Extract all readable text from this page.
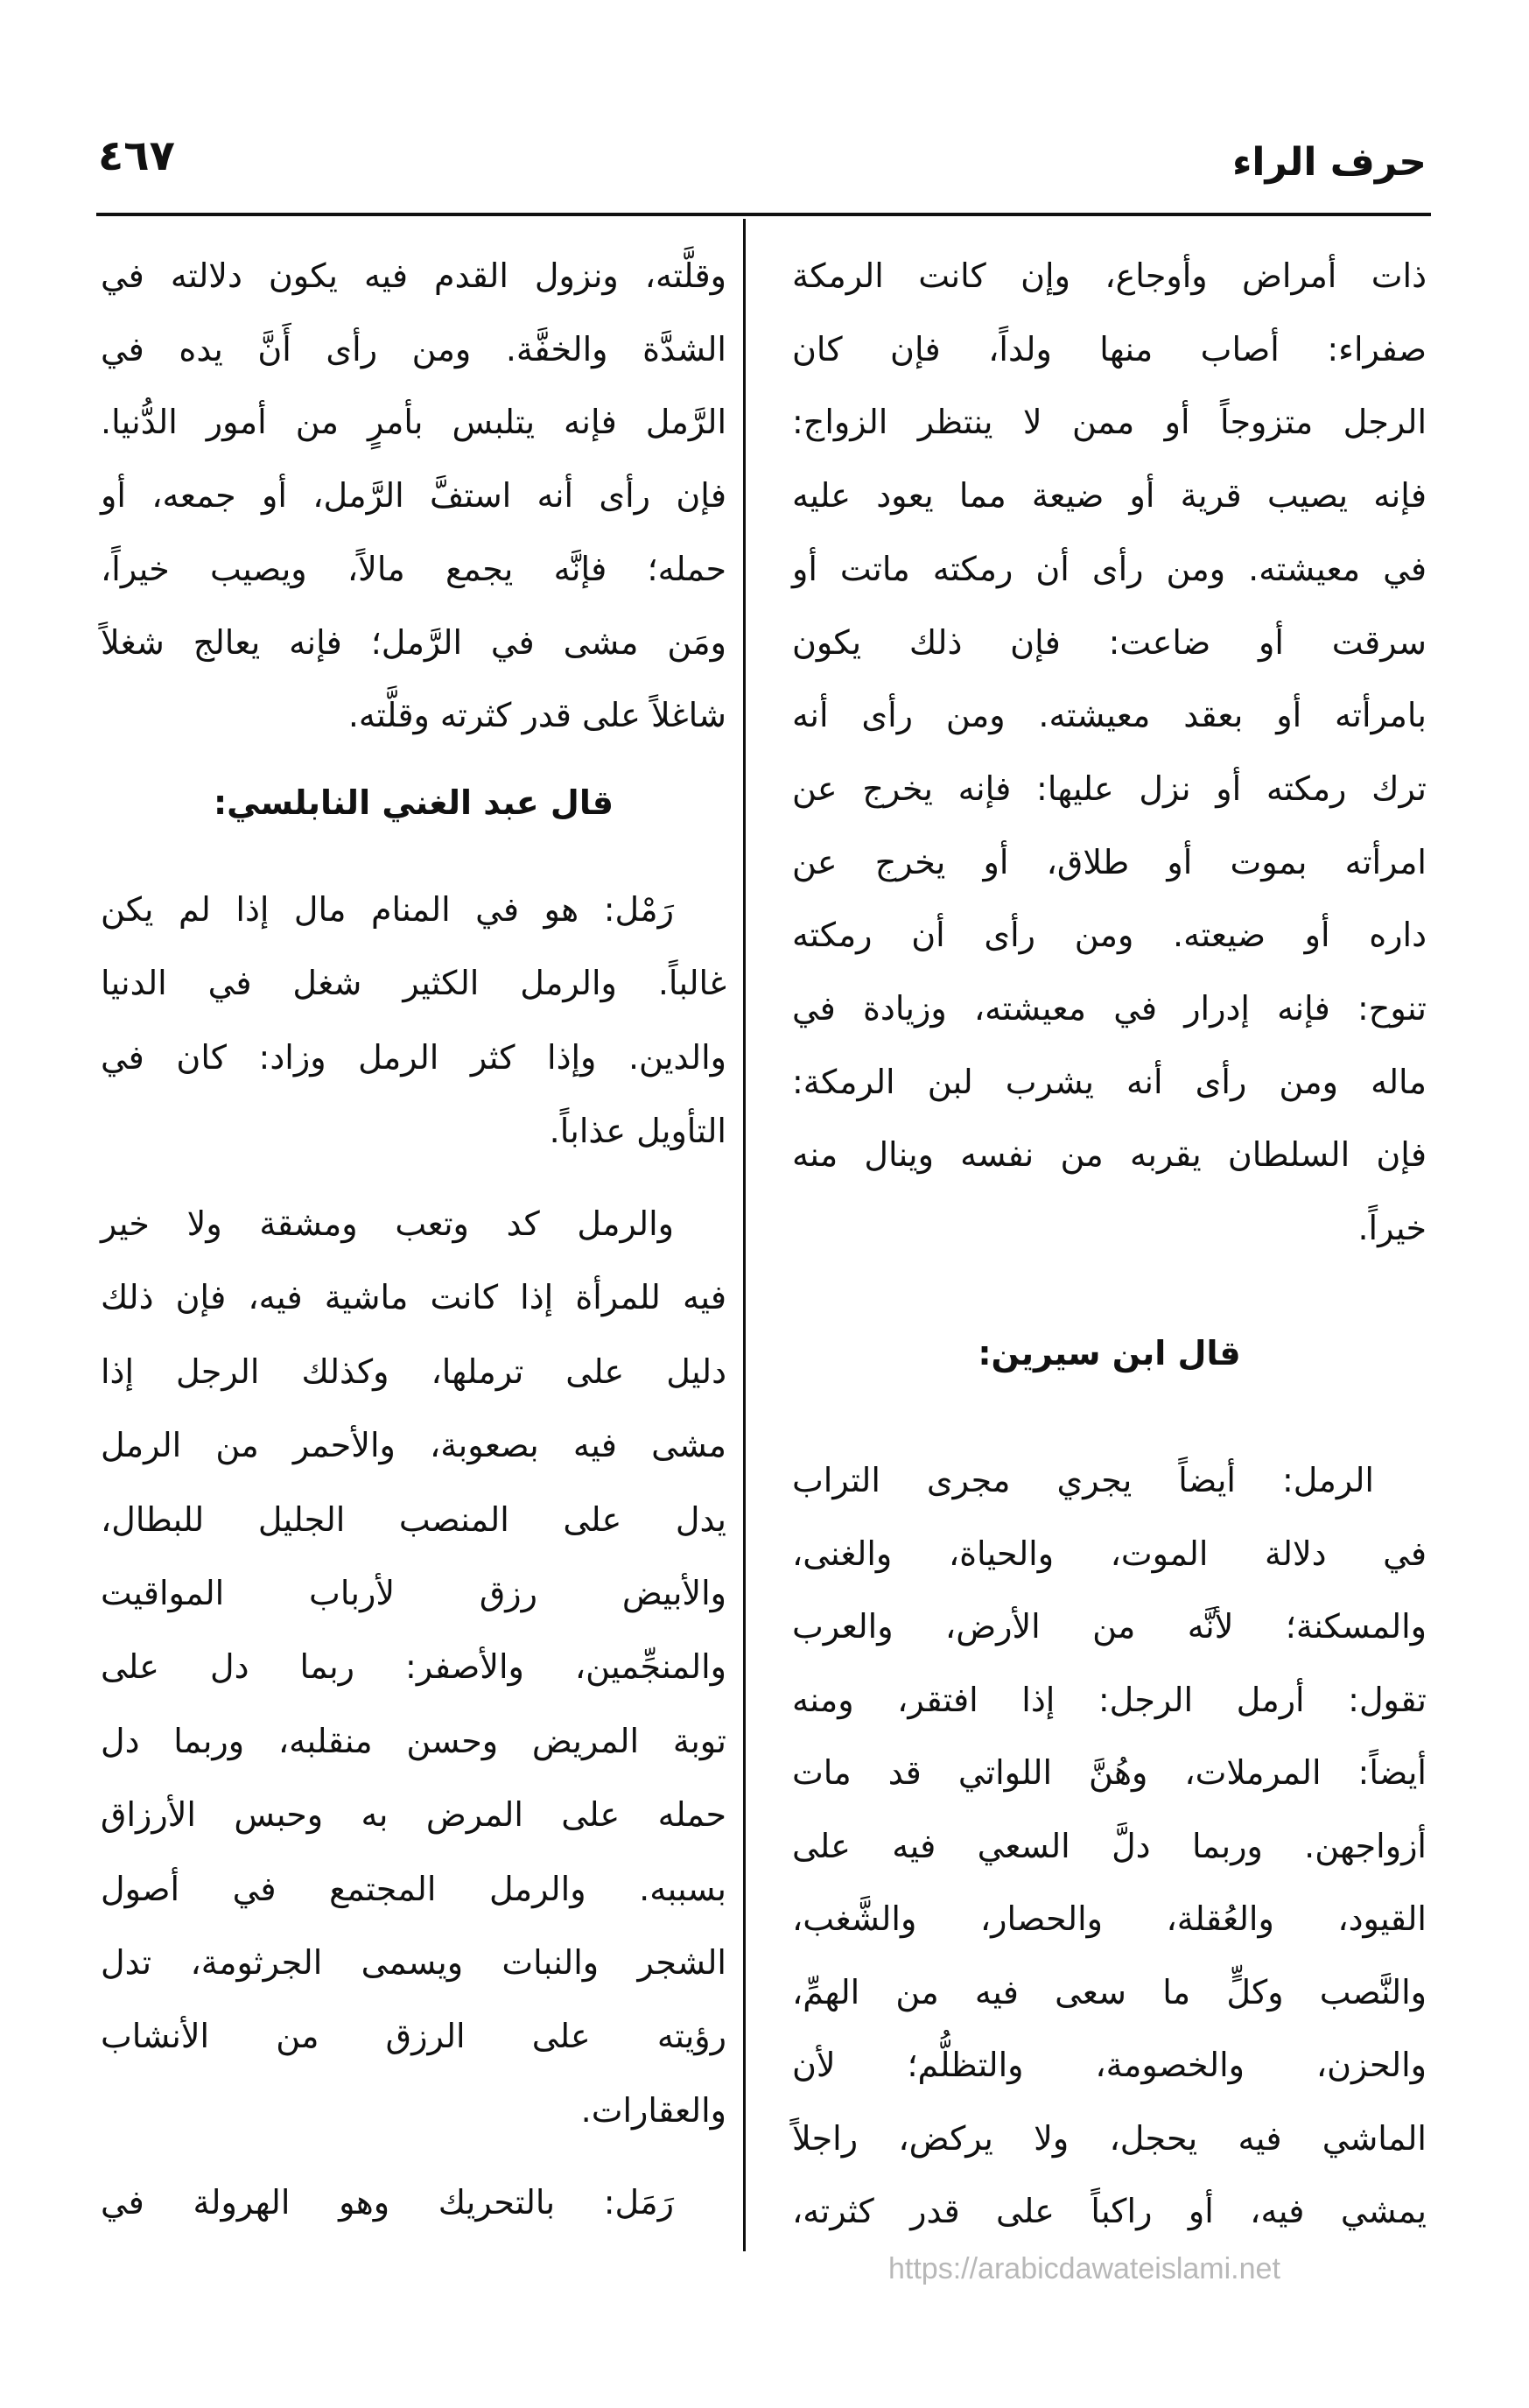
حرف الراء
٤٦٧
ذات أمراض وأوجاع، وإن كانت الرمكة
صفراء: أصاب منها ولداً، فإن كان
الرجل متزوجاً أو ممن لا ينتظر الزواج:
فإنه يصيب قرية أو ضيعة مما يعود عليه
في معيشته. ومن رأى أن رمكته ماتت أو
سرقت أو ضاعت: فإن ذلك يكون
بامرأته أو بعقد معيشته. ومن رأى أنه
ترك رمكته أو نزل عليها: فإنه يخرج عن
امرأته بموت أو طلاق، أو يخرج عن
داره أو ضيعته. ومن رأى أن رمكته
تنوح: فإنه إدرار في معيشته، وزيادة في
ماله ومن رأى أنه يشرب لبن الرمكة:
فإن السلطان يقربه من نفسه وينال منه
خيراً.
قال ابن سيرين:
الرمل: أيضاً يجري مجرى التراب
في دلالة الموت، والحياة، والغنى،
والمسكنة؛ لأنَّه من الأرض، والعرب
تقول: أرمل الرجل: إذا افتقر، ومنه
أيضاً: المرملات، وهُنَّ اللواتي قد مات
أزواجهن. وربما دلَّ السعي فيه على
القيود، والعُقلة، والحصار، والشَّغب،
والنَّصب وكلٍّ ما سعى فيه من الهمِّ،
والحزن، والخصومة، والتظلُّم؛ لأن
الماشي فيه يحجل، ولا يركض، راجلاً
يمشي فيه، أو راكباً على قدر كثرته،
وقلَّته، ونزول القدم فيه يكون دلالته في
الشدَّة والخفَّة. ومن رأى أَنَّ يده في
الرَّمل فإنه يتلبس بأمرٍ من أمور الدُّنيا.
فإن رأى أنه استفَّ الرَّمل، أو جمعه، أو
حمله؛ فإنَّه يجمع مالاً، ويصيب خيراً،
ومَن مشى في الرَّمل؛ فإنه يعالج شغلاً
شاغلاً على قدر كثرته وقلَّته.
قال عبد الغني النابلسي:
رَمْل: هو في المنام مال إذا لم يكن
غالباً. والرمل الكثير شغل في الدنيا
والدين. وإذا كثر الرمل وزاد: كان في
التأويل عذاباً.
والرمل كد وتعب ومشقة ولا خير
فيه للمرأة إذا كانت ماشية فيه، فإن ذلك
دليل على ترملها، وكذلك الرجل إذا
مشى فيه بصعوبة، والأحمر من الرمل
يدل على المنصب الجليل للبطال،
والأبيض رزق لأرباب المواقيت
والمنجِّمين، والأصفر: ربما دل على
توبة المريض وحسن منقلبه، وربما دل
حمله على المرض به وحبس الأرزاق
بسببه. والرمل المجتمع في أصول
الشجر والنبات ويسمى الجرثومة، تدل
رؤيته على الرزق من الأنشاب
والعقارات.
رَمَل: بالتحريك وهو الهرولة في
https://arabicdawateislami.net
